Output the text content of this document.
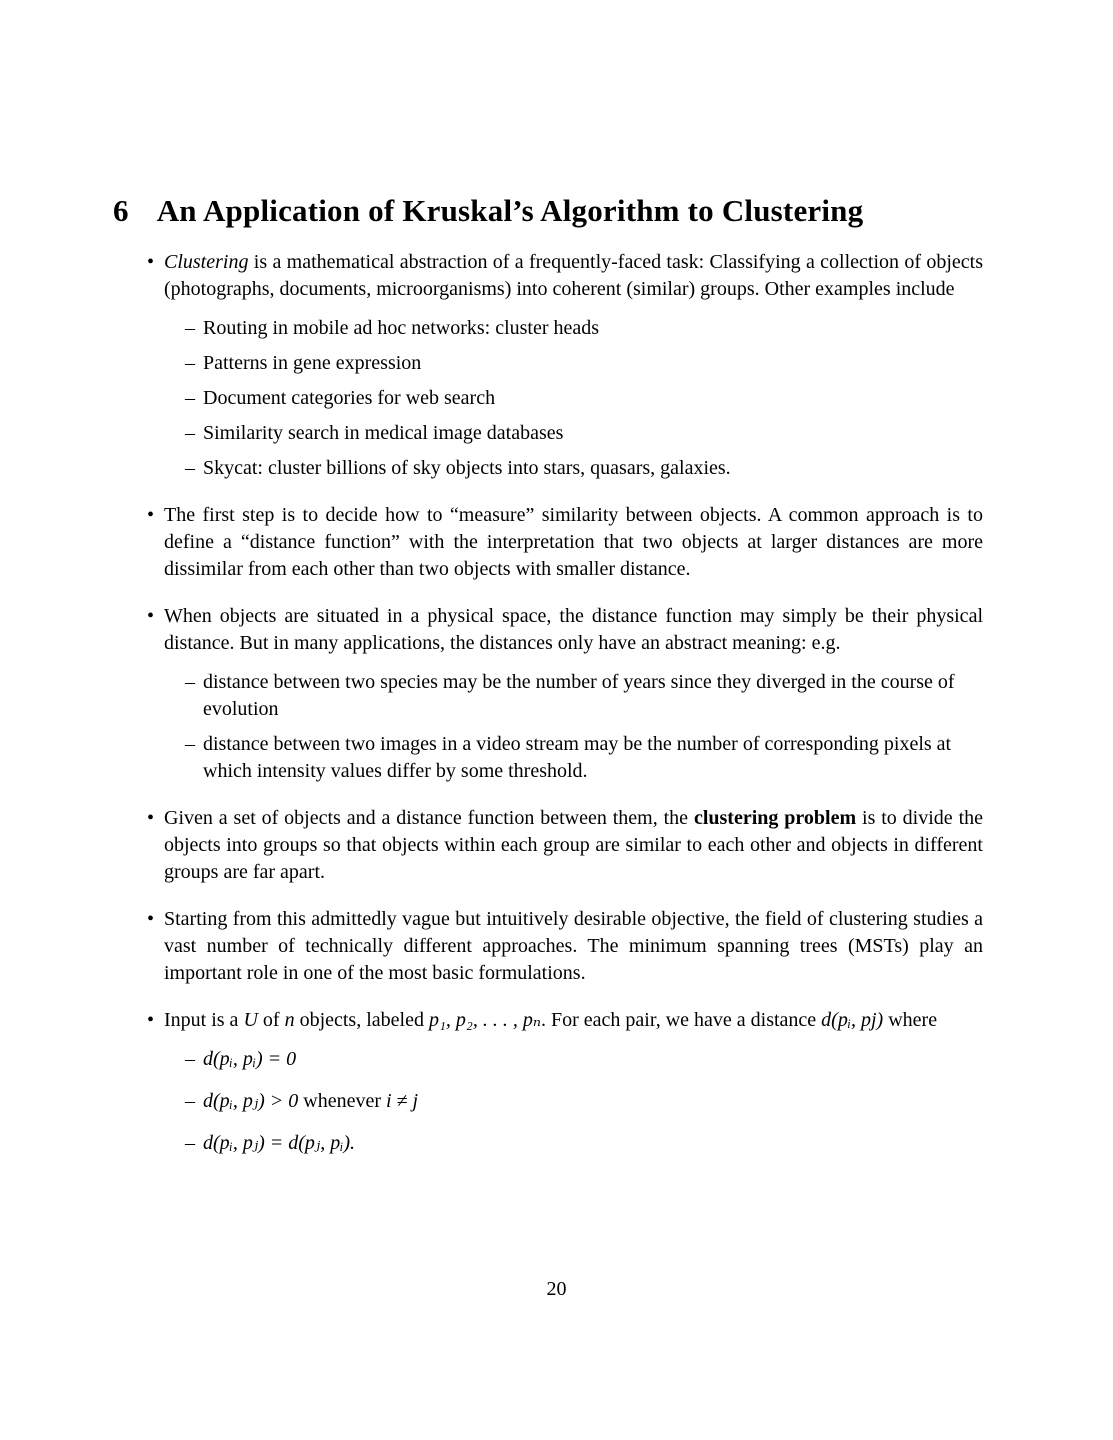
6 An Application of Kruskal’s Algorithm to Clustering
• Clustering is a mathematical abstraction of a frequently-faced task: Classifying a collection of objects (photographs, documents, microorganisms) into coherent (similar) groups. Other examples include

– Routing in mobile ad hoc networks: cluster heads
– Patterns in gene expression
– Document categories for web search
– Similarity search in medical image databases
– Skycat: cluster billions of sky objects into stars, quasars, galaxies.
• The first step is to decide how to “measure” similarity between objects. A common approach is to define a “distance function” with the interpretation that two objects at larger distances are more dissimilar from each other than two objects with smaller distance.

• When objects are situated in a physical space, the distance function may simply be their physical distance. But in many applications, the distances only have an abstract meaning: e.g.

– distance between two species may be the number of years since they diverged in the course of evolution
– distance between two images in a video stream may be the number of corresponding pixels at which intensity values differ by some threshold.
• Given a set of objects and a distance function between them, the clustering problem is to divide the objects into groups so that objects within each group are similar to each other and objects in different groups are far apart.

• Starting from this admittedly vague but intuitively desirable objective, the field of clustering studies a vast number of technically different approaches. The minimum spanning trees (MSTs) play an important role in one of the most basic formulations.

• Input is a U of n objects, labeled p₁, p₂, . . . , pₙ. For each pair, we have a distance d(pᵢ, pj) where

– d(pᵢ, pᵢ) = 0
– d(pᵢ, pⱼ) > 0 whenever i ≠ j
– d(pᵢ, pⱼ) = d(pⱼ, pᵢ).
20
